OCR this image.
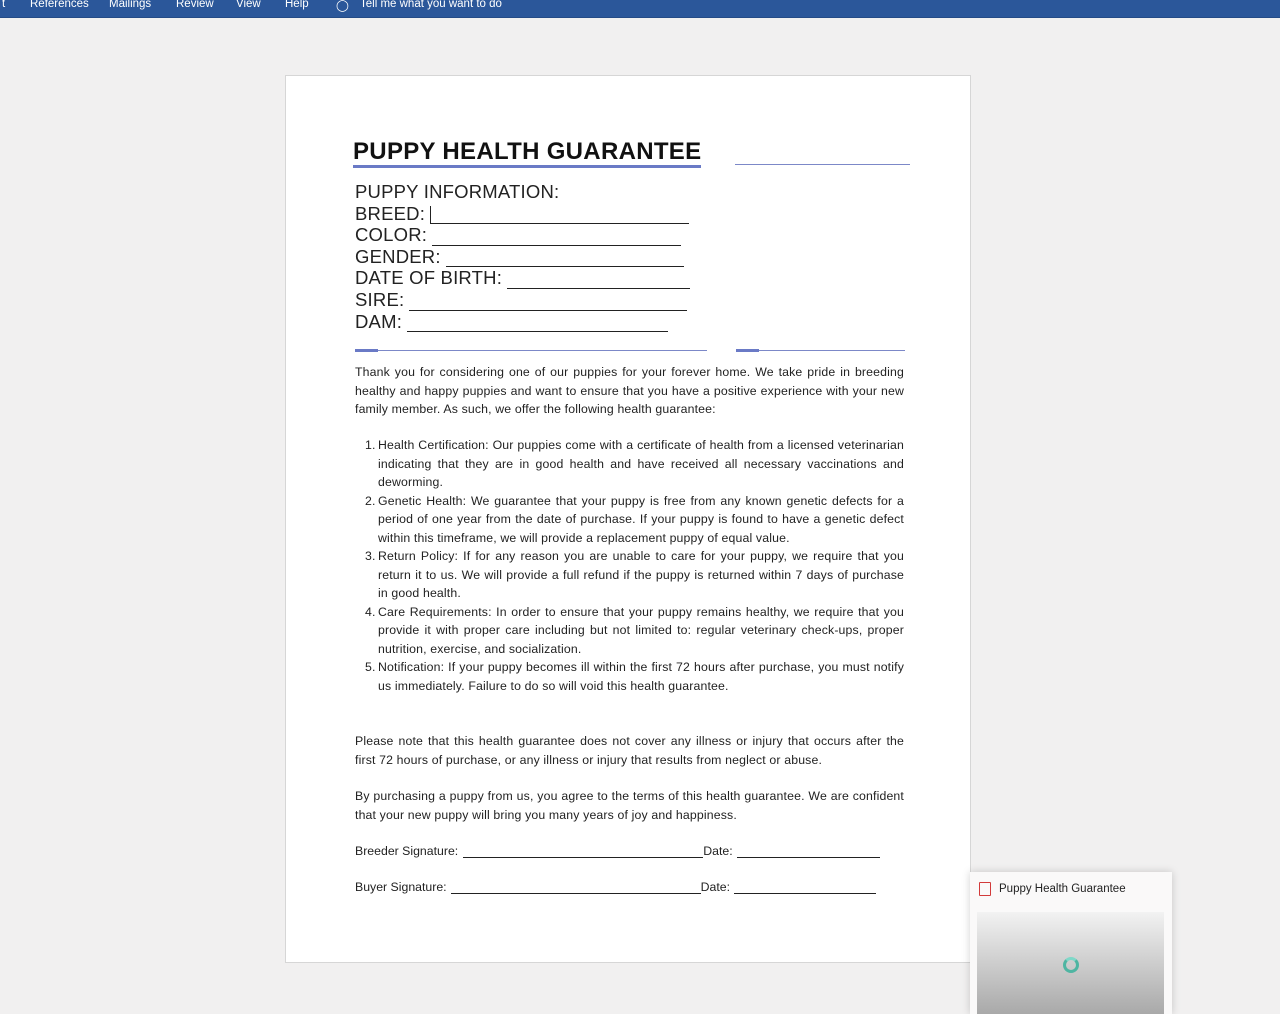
t References Mailings Review View Help ◯ Tell me what you want to do
PUPPY HEALTH GUARANTEE
PUPPY INFORMATION:
BREED:
COLOR:
GENDER:
DATE OF BIRTH:
SIRE:
DAM:
Thank you for considering one of our puppies for your forever home. We take pride in breeding healthy and happy puppies and want to ensure that you have a positive experience with your new family member. As such, we offer the following health guarantee:
1. Health Certification: Our puppies come with a certificate of health from a licensed veterinarian indicating that they are in good health and have received all necessary vaccinations and deworming.
2. Genetic Health: We guarantee that your puppy is free from any known genetic defects for a period of one year from the date of purchase. If your puppy is found to have a genetic defect within this timeframe, we will provide a replacement puppy of equal value.
3. Return Policy: If for any reason you are unable to care for your puppy, we require that you return it to us. We will provide a full refund if the puppy is returned within 7 days of purchase in good health.
4. Care Requirements: In order to ensure that your puppy remains healthy, we require that you provide it with proper care including but not limited to: regular veterinary check-ups, proper nutrition, exercise, and socialization.
5. Notification: If your puppy becomes ill within the first 72 hours after purchase, you must notify us immediately. Failure to do so will void this health guarantee.
Please note that this health guarantee does not cover any illness or injury that occurs after the first 72 hours of purchase, or any illness or injury that results from neglect or abuse.
By purchasing a puppy from us, you agree to the terms of this health guarantee. We are confident that your new puppy will bring you many years of joy and happiness.
Breeder Signature:	Date:
Buyer Signature:	Date:	Puppy Health Guarantee
